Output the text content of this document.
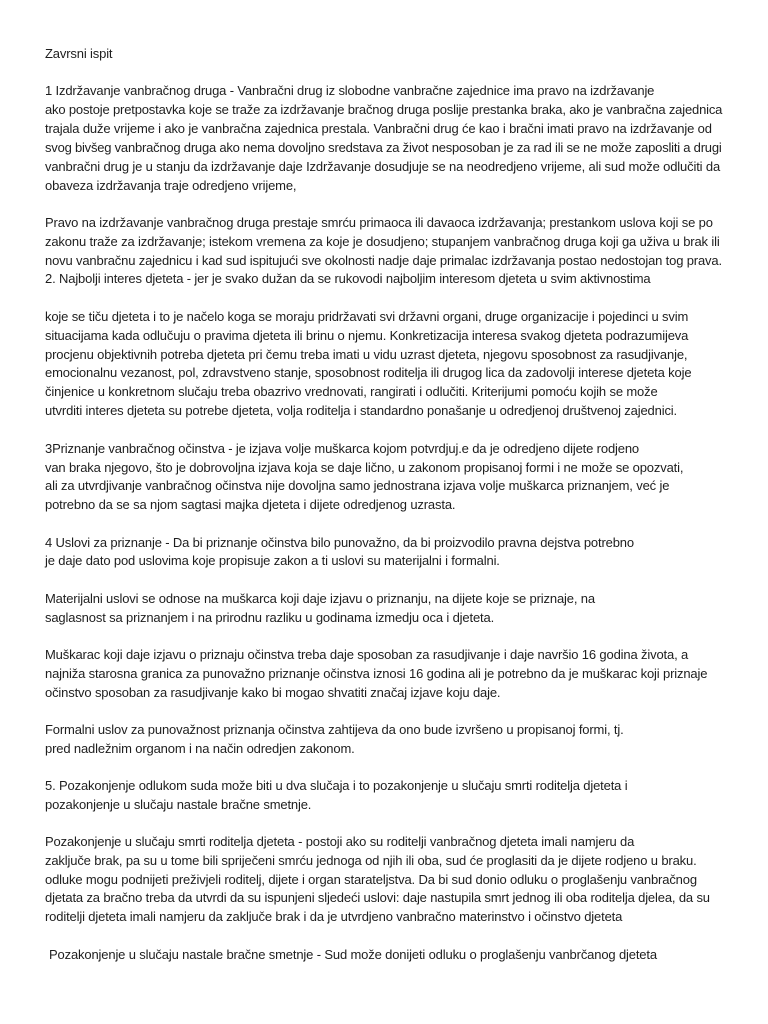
Zavrsni ispit
1 Izdržavanje vanbračnog druga - Vanbračni drug iz slobodne vanbračne zajednice ima pravo na izdržavanje
ako postoje pretpostavka koje se traže za izdržavanje bračnog druga poslije prestanka braka, ako je vanbračna zajednica
trajala duže vrijeme i ako je vanbračna zajednica prestala. Vanbračni drug će kao i bračni imati pravo na izdržavanje od
svog bivšeg vanbračnog druga ako nema dovoljno sredstava za život nesposoban je za rad ili se ne može zaposliti a drugi
vanbračni drug je u stanju da izdržavanje daje Izdržavanje dosudjuje se na neodredjeno vrijeme, ali sud može odlučiti da
obaveza izdržavanja traje odredjeno vrijeme,
Pravo na izdržavanje vanbračnog druga prestaje smrću primaoca ili davaoca izdržavanja; prestankom uslova koji se po
zakonu traže za izdržavanje; istekom vremena za koje je dosudjeno; stupanjem vanbračnog druga koji ga uživa u brak ili
novu vanbračnu zajednicu i kad sud ispitujući sve okolnosti nadje daje primalac izdržavanja postao nedostojan tog prava.
2. Najbolji interes djeteta - jer je svako dužan da se rukovodi najboljim interesom djeteta u svim aktivnostima
koje se tiču djeteta i to je načelo koga se moraju pridržavati svi državni organi, druge organizacije i pojedinci u svim
situacijama kada odlučuju o pravima djeteta ili brinu o njemu. Konkretizacija interesa svakog djeteta podrazumijeva
procjenu objektivnih potreba djeteta pri čemu treba imati u vidu uzrast djeteta, njegovu sposobnost za rasudjivanje,
emocionalnu vezanost, pol, zdravstveno stanje, sposobnost roditelja ili drugog lica da zadovolji interese djeteta koje
činjenice u konkretnom slučaju treba obazrivo vrednovati, rangirati i odlučiti. Kriterijumi pomoću kojih se može
utvrditi interes djeteta su potrebe djeteta, volja roditelja i standardno ponašanje u odredjenoj društvenoj zajednici.
3Priznanje vanbračnog očinstva - je izjava volje muškarca kojom potvrdjuj.e da je odredjeno dijete rodjeno
van braka njegovo, što je dobrovoljna izjava koja se daje lično, u zakonom propisanoj formi i ne može se opozvati,
ali za utvrdjivanje vanbračnog očinstva nije dovoljna samo jednostrana izjava volje muškarca priznanjem, već je
potrebno da se sa njom sagtasi majka djeteta i dijete odredjenog uzrasta.
4 Uslovi za priznanje - Da bi priznanje očinstva bilo punovažno, da bi proizvodilo pravna dejstva potrebno
je daje dato pod uslovima koje propisuje zakon a ti uslovi su materijalni i formalni.
Materijalni uslovi se odnose na muškarca koji daje izjavu o priznanju, na dijete koje se priznaje, na
saglasnost sa priznanjem i na prirodnu razliku u godinama izmedju oca i djeteta.
Muškarac koji daje izjavu o priznaju očinstva treba daje sposoban za rasudjivanje i daje navršio 16 godina života, a
najniža starosna granica za punovažno priznanje očinstva iznosi 16 godina ali je potrebno da je muškarac koji priznaje
očinstvo sposoban za rasudjivanje kako bi mogao shvatiti značaj izjave koju daje.
Formalni uslov za punovažnost priznanja očinstva zahtijeva da ono bude izvršeno u propisanoj formi, tj.
pred nadležnim organom i na način odredjen zakonom.
5. Pozakonjenje odlukom suda može biti u dva slučaja i to pozakonjenje u slučaju smrti roditelja djeteta i
pozakonjenje u slučaju nastale bračne smetnje.
Pozakonjenje u slučaju smrti roditelja djeteta - postoji ako su roditelji vanbračnog djeteta imali namjeru da
zaključe brak, pa su u tome bili spriječeni smrću jednoga od njih ili oba, sud će proglasiti da je dijete rodjeno u braku.
odluke mogu podnijeti preživjeli roditelj, dijete i organ starateljstva. Da bi sud donio odluku o proglašenju vanbračnog
djetata za bračno treba da utvrdi da su ispunjeni sljedeći uslovi: daje nastupila smrt jednog ili oba roditelja djelea, da su
roditelji djeteta imali namjeru da zaključe brak i da je utvrdjeno vanbračno materinstvo i očinstvo djeteta
Pozakonjenje u slučaju nastale bračne smetnje - Sud može donijeti odluku o proglašenju vanbrčanog djeteta
